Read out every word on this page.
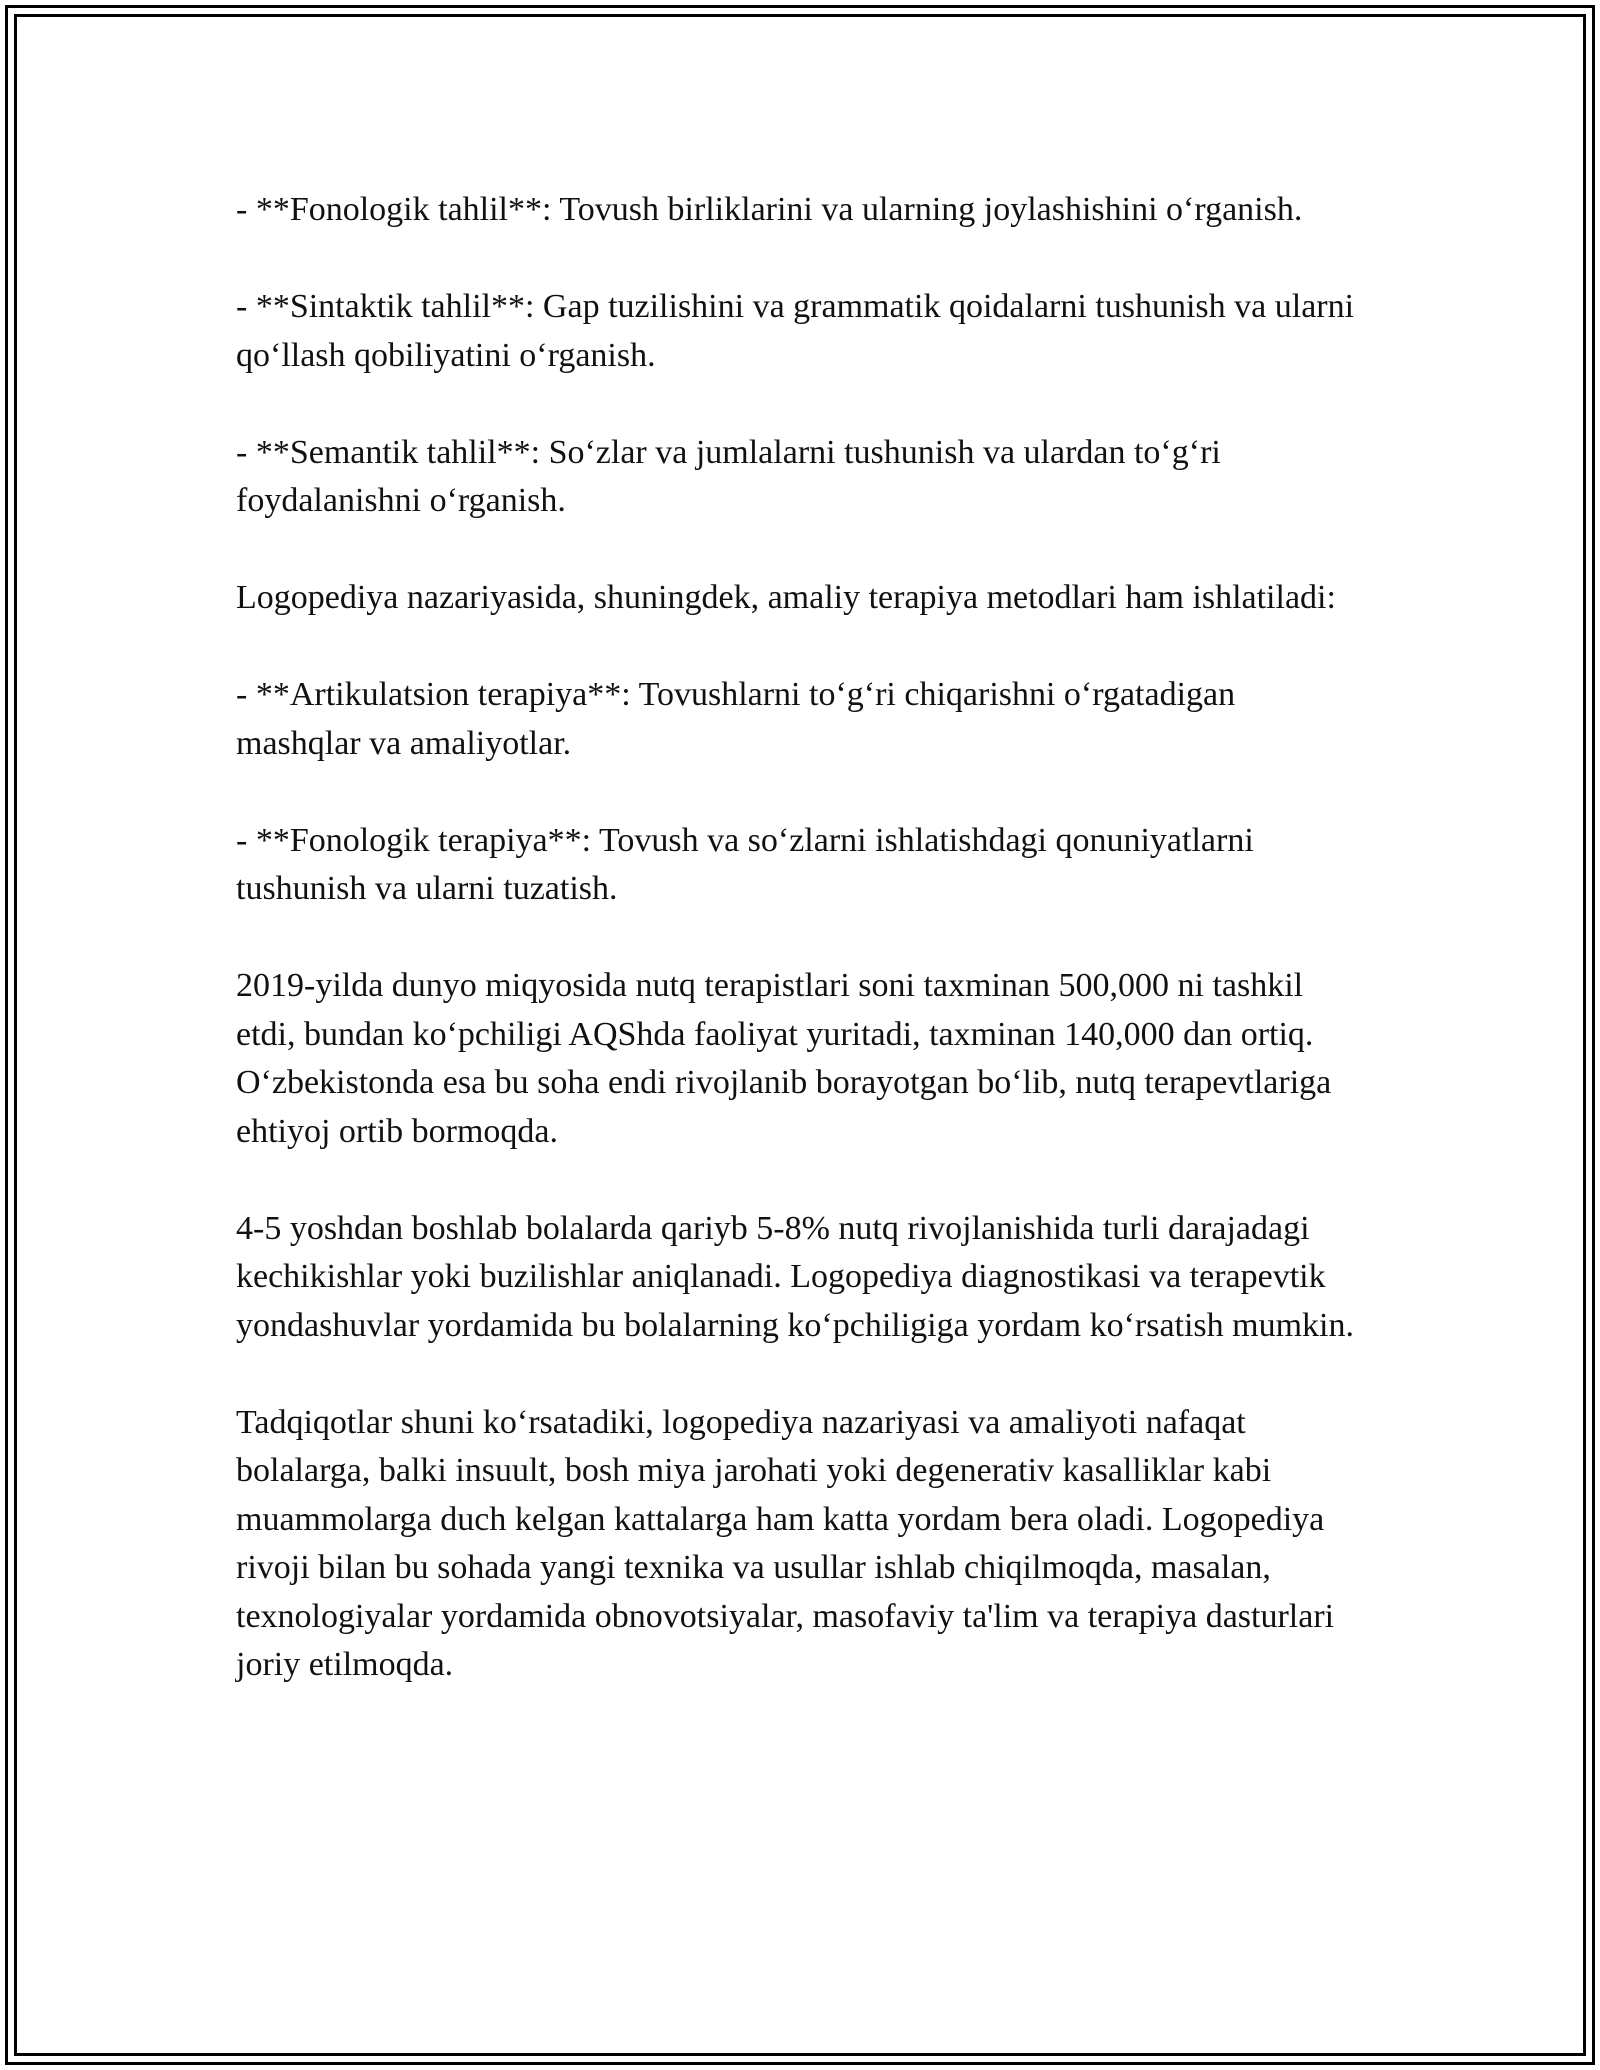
- **Fonologik tahlil**: Tovush birliklarini va ularning joylashishini o‘rganish.

- **Sintaktik tahlil**: Gap tuzilishini va grammatik qoidalarni tushunish va ularni qo‘llash qobiliyatini o‘rganish.

- **Semantik tahlil**: So‘zlar va jumlalarni tushunish va ulardan to‘g‘ri foydalanishni o‘rganish.

Logopediya nazariyasida, shuningdek, amaliy terapiya metodlari ham ishlatiladi:

- **Artikulatsion terapiya**: Tovushlarni to‘g‘ri chiqarishni o‘rgatadigan mashqlar va amaliyotlar.

- **Fonologik terapiya**: Tovush va so‘zlarni ishlatishdagi qonuniyatlarni tushunish va ularni tuzatish.

2019-yilda dunyo miqyosida nutq terapistlari soni taxminan 500,000 ni tashkil etdi, bundan ko‘pchiligi AQShda faoliyat yuritadi, taxminan 140,000 dan ortiq. O‘zbekistonda esa bu soha endi rivojlanib borayotgan bo‘lib, nutq terapevtlariga ehtiyoj ortib bormoqda.

4-5 yoshdan boshlab bolalarda qariyb 5-8% nutq rivojlanishida turli darajadagi kechikishlar yoki buzilishlar aniqlanadi. Logopediya diagnostikasi va terapevtik yondashuvlar yordamida bu bolalarning ko‘pchiligiga yordam ko‘rsatish mumkin.

Tadqiqotlar shuni ko‘rsatadiki, logopediya nazariyasi va amaliyoti nafaqat bolalarga, balki insuult, bosh miya jarohati yoki degenerativ kasalliklar kabi muammolarga duch kelgan kattalarga ham katta yordam bera oladi. Logopediya rivoji bilan bu sohada yangi texnika va usullar ishlab chiqilmoqda, masalan, texnologiyalar yordamida obnovotsiyalar, masofaviy ta'lim va terapiya dasturlari joriy etilmoqda.
